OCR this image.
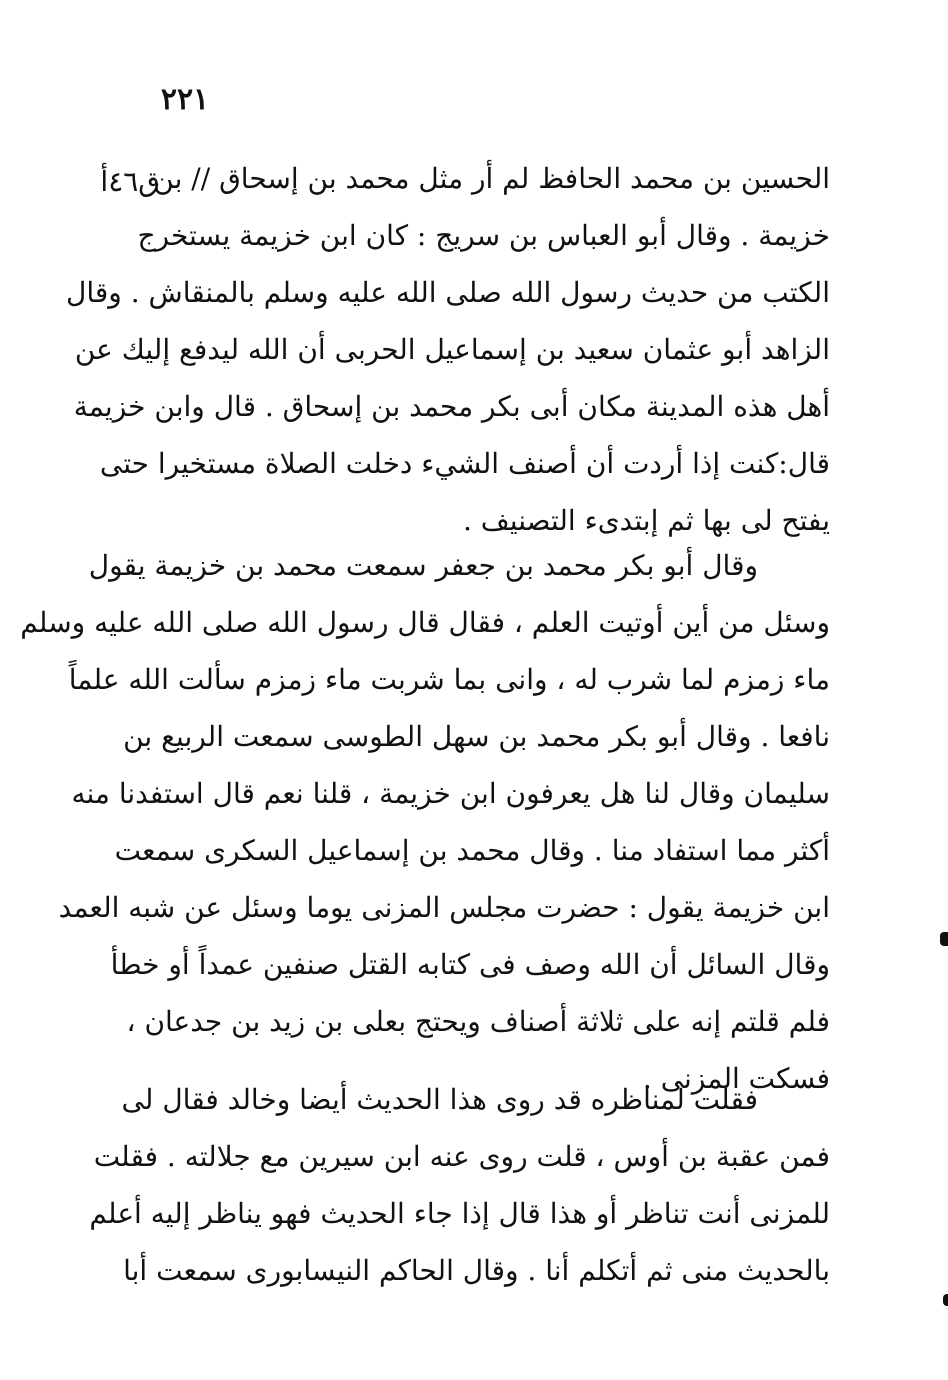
٢٢١
ق٤٦أ
الحسين بن محمد الحافظ لم أر مثل محمد بن إسحاق // بن
خزيمة . وقال أبو العباس بن سريج : كان ابن خزيمة يستخرج
الكتب من حديث رسول الله صلى الله عليه وسلم بالمنقاش . وقال
الزاهد أبو عثمان سعيد بن إسماعيل الحربى أن الله ليدفع إليك عن
أهل هذه المدينة مكان أبى بكر محمد بن إسحاق . قال وابن خزيمة
قال:كنت إذا أردت أن أصنف الشيء دخلت الصلاة مستخيرا حتى
يفتح لى بها ثم إبتدىء التصنيف .
وقال أبو بكر محمد بن جعفر سمعت محمد بن خزيمة يقول
وسئل من أين أوتيت العلم ، فقال قال رسول الله صلى الله عليه وسلم
ماء زمزم لما شرب له ، وانى بما شربت ماء زمزم سألت الله علماً
نافعا . وقال أبو بكر محمد بن سهل الطوسى سمعت الربيع بن
سليمان وقال لنا هل يعرفون ابن خزيمة ، قلنا نعم قال استفدنا منه
أكثر مما استفاد منا . وقال محمد بن إسماعيل السكرى سمعت
ابن خزيمة يقول : حضرت مجلس المزنى يوما وسئل عن شبه العمد
وقال السائل أن الله وصف فى كتابه القتل صنفين عمداً أو خطأ
فلم قلتم إنه على ثلاثة أصناف ويحتج بعلى بن زيد بن جدعان ،
فسكت المزنى .
فقلت لمناظره قد روى هذا الحديث أيضا وخالد فقال لى
فمن عقبة بن أوس ، قلت روى عنه ابن سيرين مع جلالته . فقلت
للمزنى أنت تناظر أو هذا قال إذا جاء الحديث فهو يناظر إليه أعلم
بالحديث منى ثم أتكلم أنا . وقال الحاكم النيسابورى سمعت أبا
